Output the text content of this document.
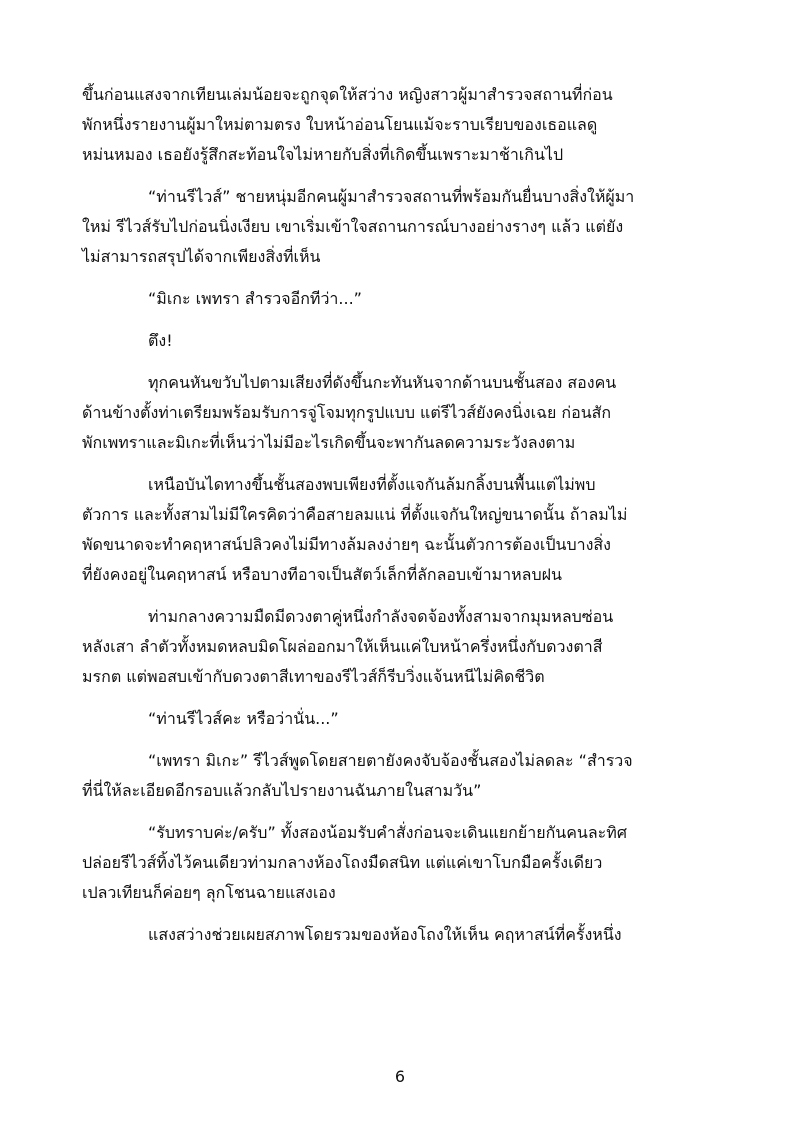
ขึ้นก่อนแสงจากเทียนเล่มน้อยจะถูกจุดให้สว่าง หญิงสาวผู้มาสำรวจสถานที่ก่อน
พักหนึ่งรายงานผู้มาใหม่ตามตรง ใบหน้าอ่อนโยนแม้จะราบเรียบของเธอแลดู
หม่นหมอง เธอยังรู้สึกสะท้อนใจไม่หายกับสิ่งที่เกิดขึ้นเพราะมาช้าเกินไป
“ท่านรีไวส์” ชายหนุ่มอีกคนผู้มาสำรวจสถานที่พร้อมกันยื่นบางสิ่งให้ผู้มา
ใหม่ รีไวส์รับไปก่อนนิ่งเงียบ เขาเริ่มเข้าใจสถานการณ์บางอย่างรางๆ แล้ว แต่ยัง
ไม่สามารถสรุปได้จากเพียงสิ่งที่เห็น
“มิเกะ เพทรา สำรวจอีกทีว่า...”
ตึง!
ทุกคนหันขวับไปตามเสียงที่ดังขึ้นกะทันหันจากด้านบนชั้นสอง สองคน
ด้านข้างตั้งท่าเตรียมพร้อมรับการจู่โจมทุกรูปแบบ แต่รีไวส์ยังคงนิ่งเฉย ก่อนสัก
พักเพทราและมิเกะที่เห็นว่าไม่มีอะไรเกิดขึ้นจะพากันลดความระวังลงตาม
เหนือบันไดทางขึ้นชั้นสองพบเพียงที่ตั้งแจกันล้มกลิ้งบนพื้นแต่ไม่พบ
ตัวการ และทั้งสามไม่มีใครคิดว่าคือสายลมแน่ ที่ตั้งแจกันใหญ่ขนาดนั้น ถ้าลมไม่
พัดขนาดจะทำคฤหาสน์ปลิวคงไม่มีทางล้มลงง่ายๆ ฉะนั้นตัวการต้องเป็นบางสิ่ง
ที่ยังคงอยู่ในคฤหาสน์ หรือบางทีอาจเป็นสัตว์เล็กที่ลักลอบเข้ามาหลบฝน
ท่ามกลางความมืดมีดวงตาคู่หนึ่งกำลังจดจ้องทั้งสามจากมุมหลบซ่อน
หลังเสา ลำตัวทั้งหมดหลบมิดโผล่ออกมาให้เห็นแค่ใบหน้าครึ่งหนึ่งกับดวงตาสี
มรกต แต่พอสบเข้ากับดวงตาสีเทาของรีไวส์ก็รีบวิ่งแจ้นหนีไม่คิดชีวิต
“ท่านรีไวส์คะ หรือว่านั่น...”
“เพทรา มิเกะ” รีไวส์พูดโดยสายตายังคงจับจ้องชั้นสองไม่ลดละ “สำรวจ
ที่นี่ให้ละเอียดอีกรอบแล้วกลับไปรายงานฉันภายในสามวัน”
“รับทราบค่ะ/ครับ” ทั้งสองน้อมรับคำสั่งก่อนจะเดินแยกย้ายกันคนละทิศ
ปล่อยรีไวส์ทิ้งไว้คนเดียวท่ามกลางห้องโถงมืดสนิท แต่แค่เขาโบกมือครั้งเดียว
เปลวเทียนก็ค่อยๆ ลุกโชนฉายแสงเอง
แสงสว่างช่วยเผยสภาพโดยรวมของห้องโถงให้เห็น คฤหาสน์ที่ครั้งหนึ่ง
6
